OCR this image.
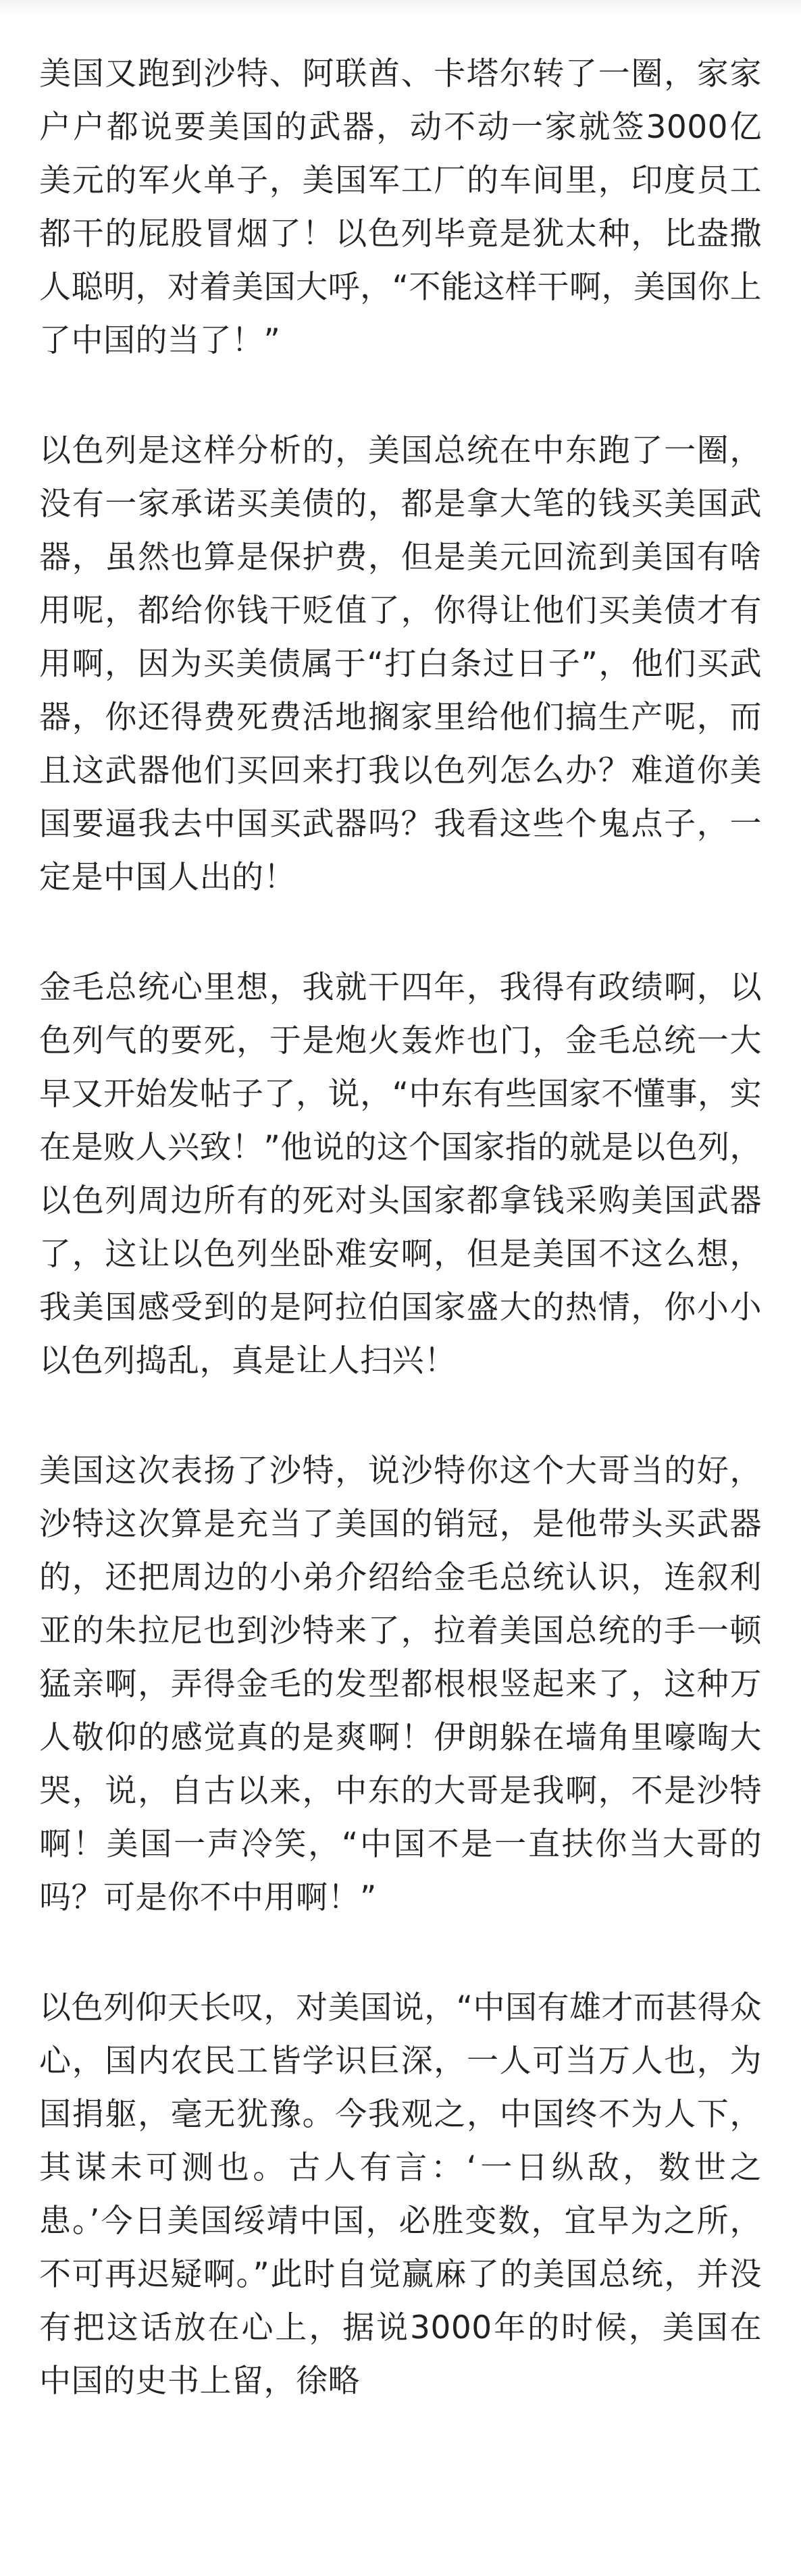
美国又跑到沙特、阿联酋、卡塔尔转了一圈，家家户户都说要美国的武器，动不动一家就签3000亿美元的军火单子，美国军工厂的车间里，印度员工都干的屁股冒烟了！以色列毕竟是犹太种，比盎撒人聪明，对着美国大呼，“不能这样干啊，美国你上了中国的当了！”

以色列是这样分析的，美国总统在中东跑了一圈，没有一家承诺买美债的，都是拿大笔的钱买美国武器，虽然也算是保护费，但是美元回流到美国有啥用呢，都给你钱干贬值了，你得让他们买美债才有用啊，因为买美债属于“打白条过日子”，他们买武器，你还得费死费活地搁家里给他们搞生产呢，而且这武器他们买回来打我以色列怎么办？难道你美国要逼我去中国买武器吗？我看这些个鬼点子，一定是中国人出的！

金毛总统心里想，我就干四年，我得有政绩啊，以色列气的要死，于是炮火轰炸也门，金毛总统一大早又开始发帖子了，说，“中东有些国家不懂事，实在是败人兴致！”他说的这个国家指的就是以色列，以色列周边所有的死对头国家都拿钱采购美国武器了，这让以色列坐卧难安啊，但是美国不这么想，我美国感受到的是阿拉伯国家盛大的热情，你小小以色列捣乱，真是让人扫兴！

美国这次表扬了沙特，说沙特你这个大哥当的好，沙特这次算是充当了美国的销冠，是他带头买武器的，还把周边的小弟介绍给金毛总统认识，连叙利亚的朱拉尼也到沙特来了，拉着美国总统的手一顿猛亲啊，弄得金毛的发型都根根竖起来了，这种万人敬仰的感觉真的是爽啊！伊朗躲在墙角里嚎啕大哭，说，自古以来，中东的大哥是我啊，不是沙特啊！美国一声冷笑，“中国不是一直扶你当大哥的吗？可是你不中用啊！”

以色列仰天长叹，对美国说，“中国有雄才而甚得众心，国内农民工皆学识巨深，一人可当万人也，为国捐躯，毫无犹豫。今我观之，中国终不为人下，其谋未可测也。古人有言：‘一日纵敌，数世之患。’今日美国绥靖中国，必胜变数，宜早为之所，不可再迟疑啊。”此时自觉赢麻了的美国总统，并没有把这话放在心上，据说3000年的时候，美国在中国的史书上留，徐略
